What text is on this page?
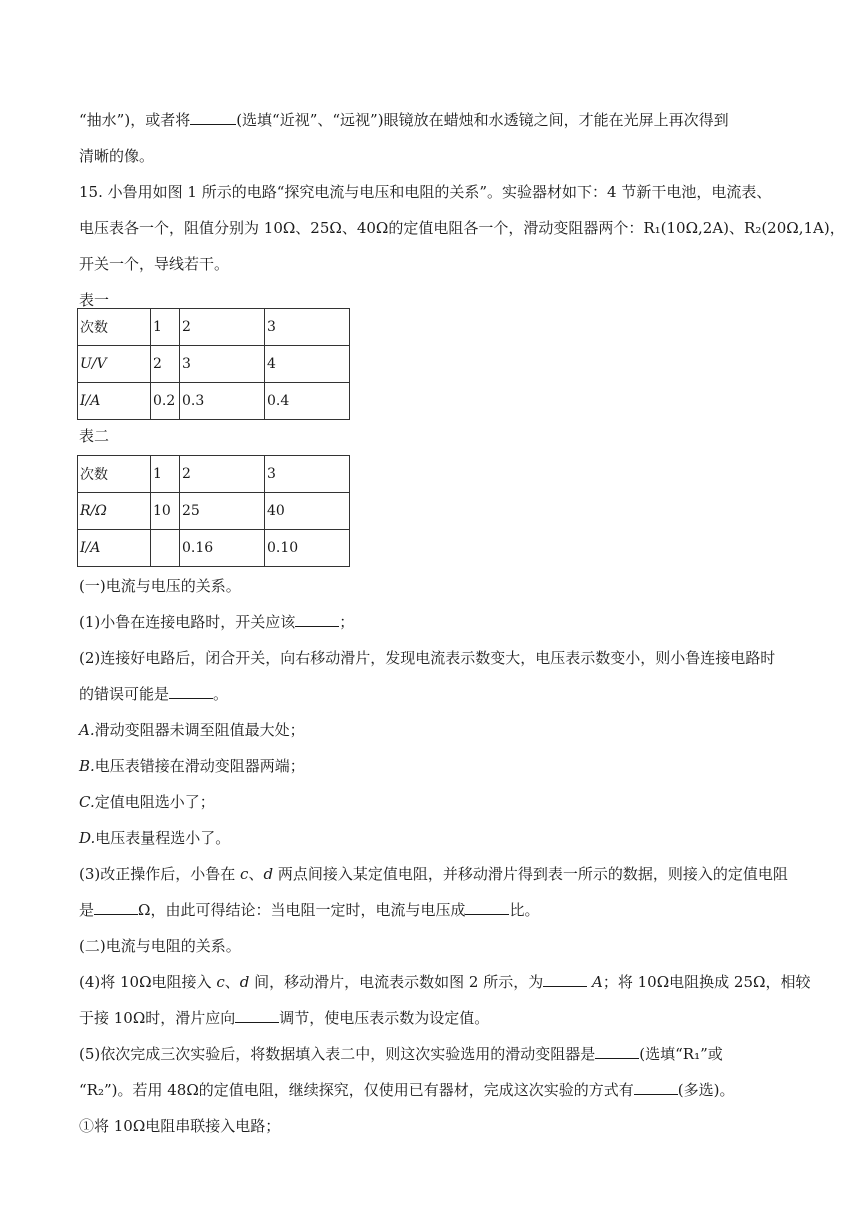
“抽水”)，或者将	(选填“近视”、“远视”)眼镜放在蜡烛和水透镜之间，才能在光屏上再次得到
清晰的像。
15. 小鲁用如图 1 所示的电路“探究电流与电压和电阻的关系”。实验器材如下：4 节新干电池，电流表、
电压表各一个，阻值分别为 10Ω、25Ω、40Ω的定值电阻各一个，滑动变阻器两个：R₁(10Ω,2A)、R₂(20Ω,1A)，
开关一个，导线若干。
表一
次数	1	2	3
U/V	2	3	4
I/A	0.2	0.3	0.4
表二
次数	1	2	3
R/Ω	10	25	40
I/A		0.16	0.10
(一)电流与电压的关系。
(1)小鲁在连接电路时，开关应该	；
(2)连接好电路后，闭合开关，向右移动滑片，发现电流表示数变大，电压表示数变小，则小鲁连接电路时
的错误可能是	。
A.滑动变阻器未调至阻值最大处；
B.电压表错接在滑动变阻器两端；
C.定值电阻选小了；
D.电压表量程选小了。
(3)改正操作后，小鲁在 c、d 两点间接入某定值电阻，并移动滑片得到表一所示的数据，则接入的定值电阻
是	Ω，由此可得结论：当电阻一定时，电流与电压成	比。
(二)电流与电阻的关系。
(4)将 10Ω电阻接入 c、d 间，移动滑片，电流表示数如图 2 所示，为	A；将 10Ω电阻换成 25Ω，相较
于接 10Ω时，滑片应向	调节，使电压表示数为设定值。
(5)依次完成三次实验后，将数据填入表二中，则这次实验选用的滑动变阻器是	(选填“R₁”或
“R₂”)。若用 48Ω的定值电阻，继续探究，仅使用已有器材，完成这次实验的方式有	(多选)。
①将 10Ω电阻串联接入电路；
